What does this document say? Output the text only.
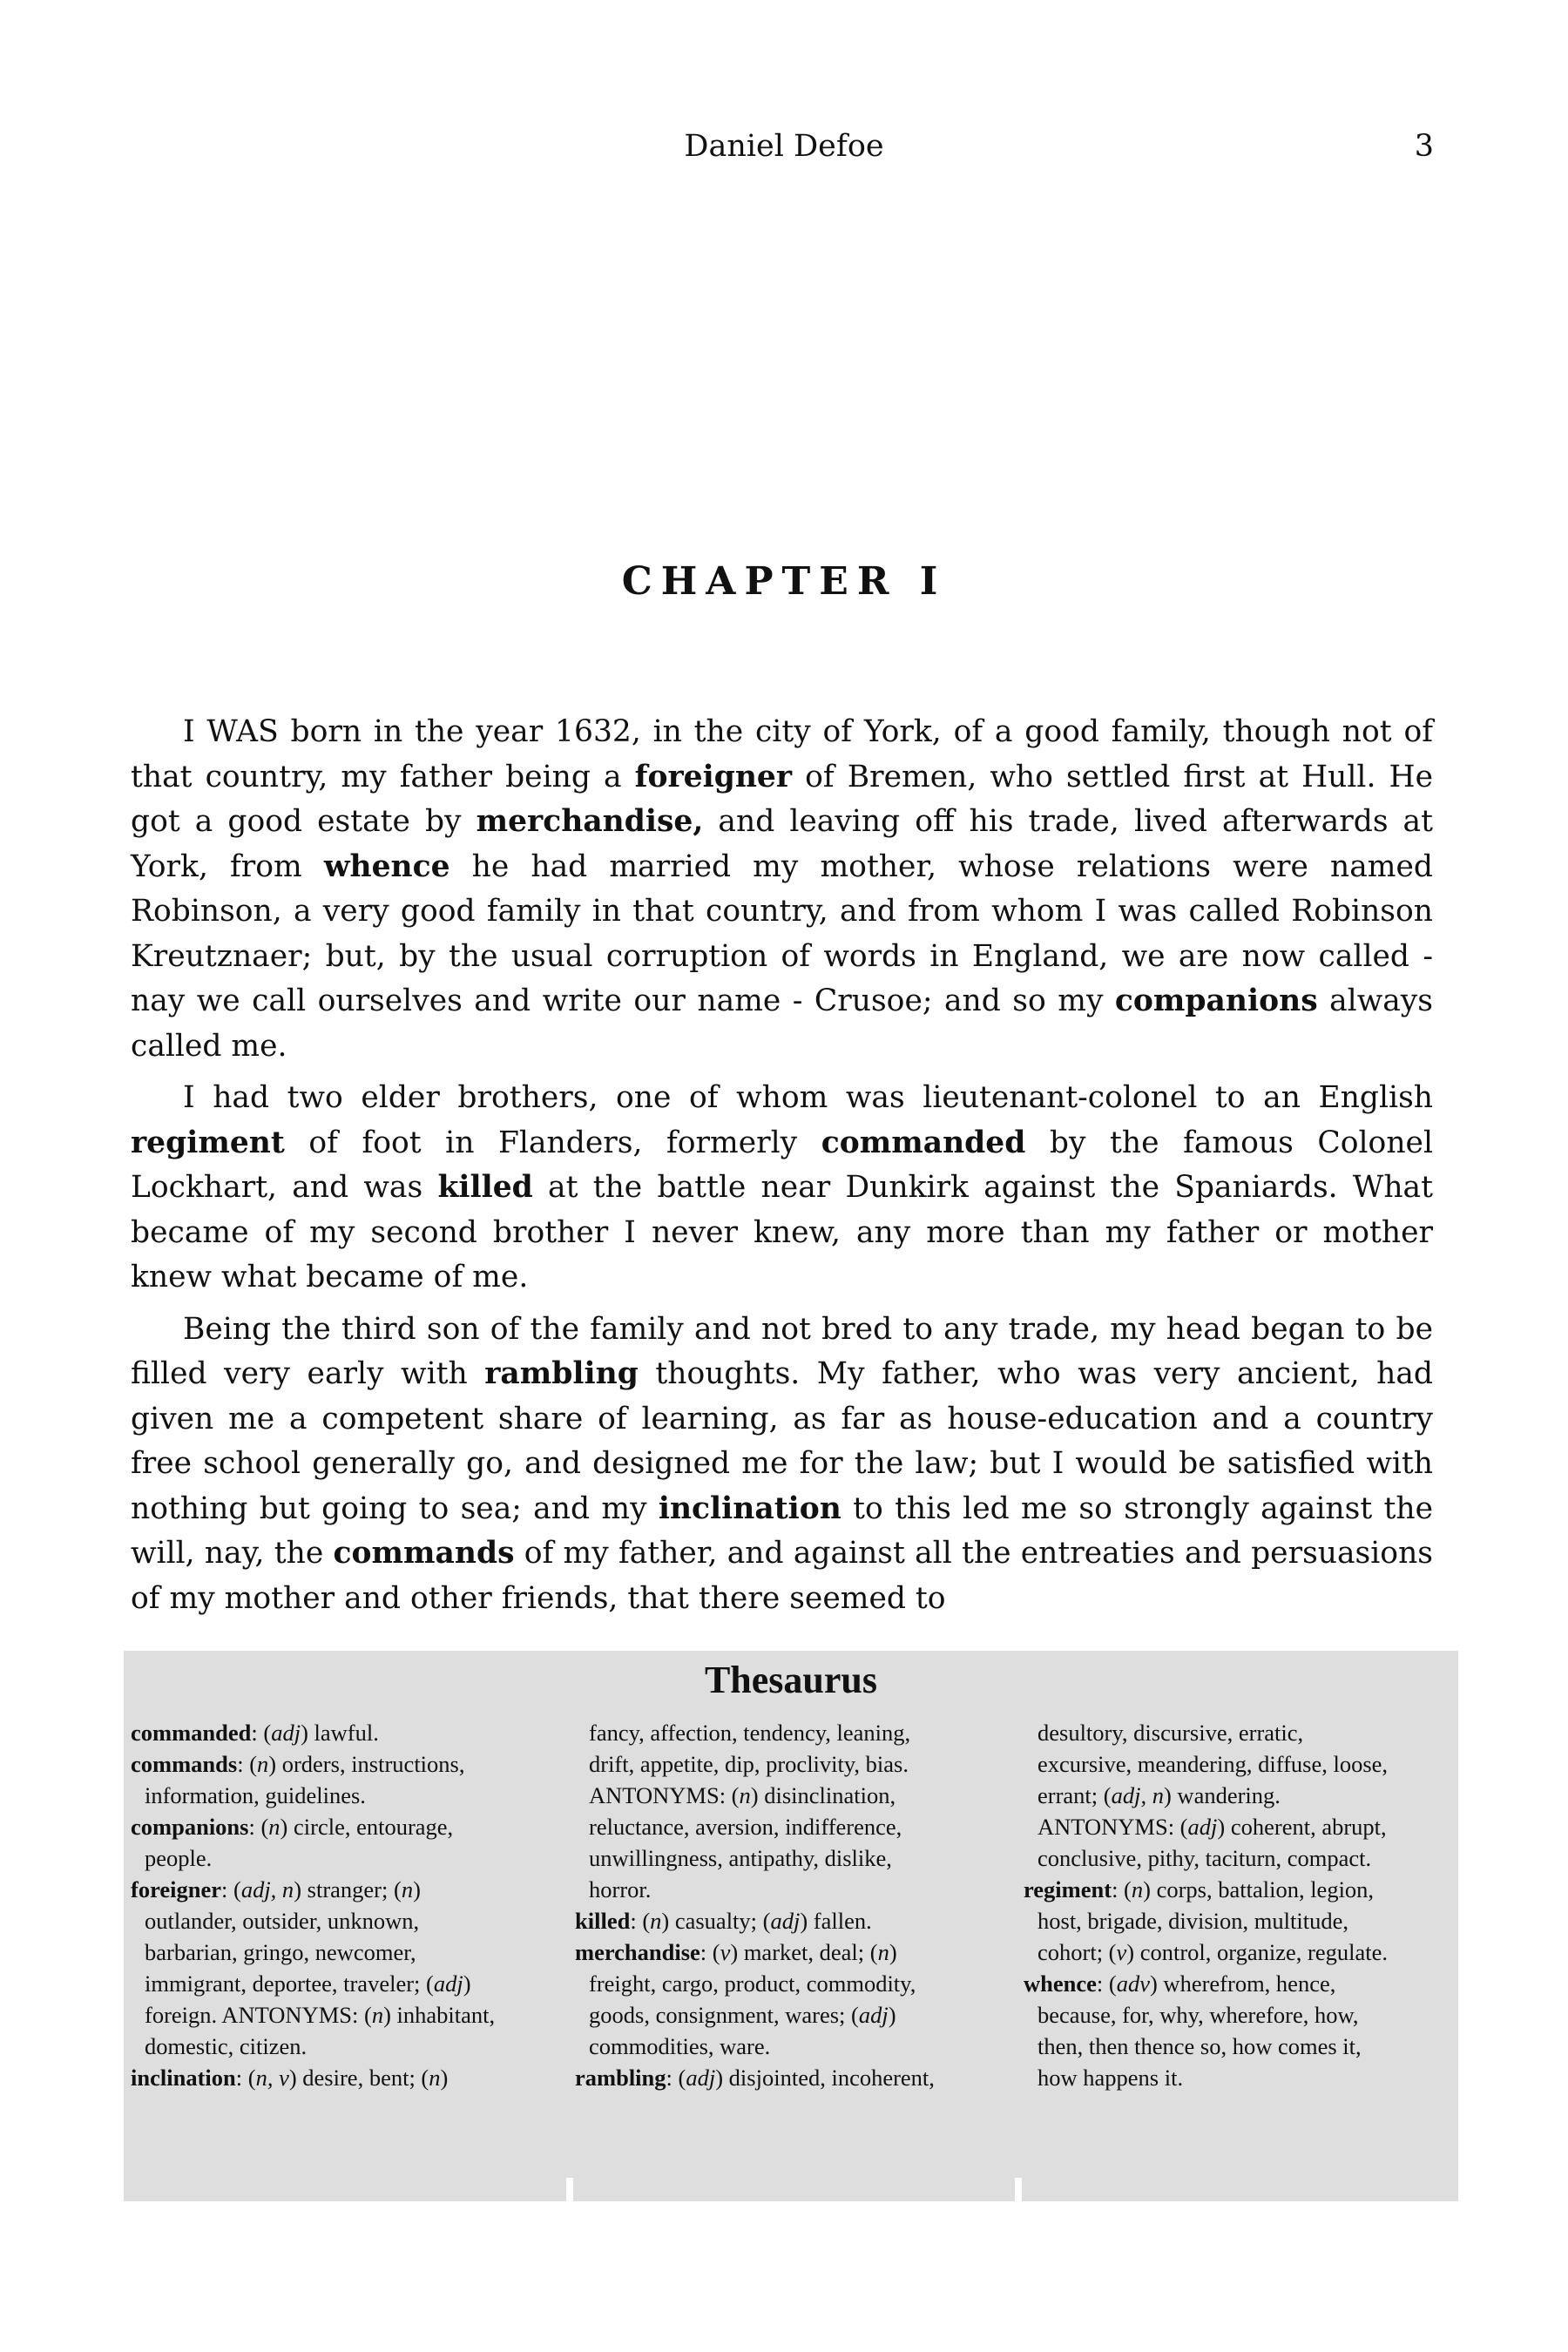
Daniel Defoe	3
CHAPTER I

I WAS born in the year 1632, in the city of York, of a good family, though not of that country, my father being a foreigner of Bremen, who settled first at Hull. He got a good estate by merchandise, and leaving off his trade, lived afterwards at York, from whence he had married my mother, whose relations were named Robinson, a very good family in that country, and from whom I was called Robinson Kreutznaer; but, by the usual corruption of words in England, we are now called - nay we call ourselves and write our name - Crusoe; and so my companions always called me.

I had two elder brothers, one of whom was lieutenant-colonel to an English regiment of foot in Flanders, formerly commanded by the famous Colonel Lockhart, and was killed at the battle near Dunkirk against the Spaniards. What became of my second brother I never knew, any more than my father or mother knew what became of me.

Being the third son of the family and not bred to any trade, my head began to be filled very early with rambling thoughts. My father, who was very ancient, had given me a competent share of learning, as far as house-education and a country free school generally go, and designed me for the law; but I would be satisfied with nothing but going to sea; and my inclination to this led me so strongly against the will, nay, the commands of my father, and against all the entreaties and persuasions of my mother and other friends, that there seemed to

Thesaurus
commanded: (adj) lawful.
commands: (n) orders, instructions,
information, guidelines.
companions: (n) circle, entourage,
people.
foreigner: (adj, n) stranger; (n)
outlander, outsider, unknown,
barbarian, gringo, newcomer,
immigrant, deportee, traveler; (adj)
foreign. ANTONYMS: (n) inhabitant,
domestic, citizen.
inclination: (n, v) desire, bent; (n)
fancy, affection, tendency, leaning,
drift, appetite, dip, proclivity, bias.
ANTONYMS: (n) disinclination,
reluctance, aversion, indifference,
unwillingness, antipathy, dislike,
horror.
killed: (n) casualty; (adj) fallen.
merchandise: (v) market, deal; (n)
freight, cargo, product, commodity,
goods, consignment, wares; (adj)
commodities, ware.
rambling: (adj) disjointed, incoherent,
desultory, discursive, erratic,
excursive, meandering, diffuse, loose,
errant; (adj, n) wandering.
ANTONYMS: (adj) coherent, abrupt,
conclusive, pithy, taciturn, compact.
regiment: (n) corps, battalion, legion,
host, brigade, division, multitude,
cohort; (v) control, organize, regulate.
whence: (adv) wherefrom, hence,
because, for, why, wherefore, how,
then, then thence so, how comes it,
how happens it.
